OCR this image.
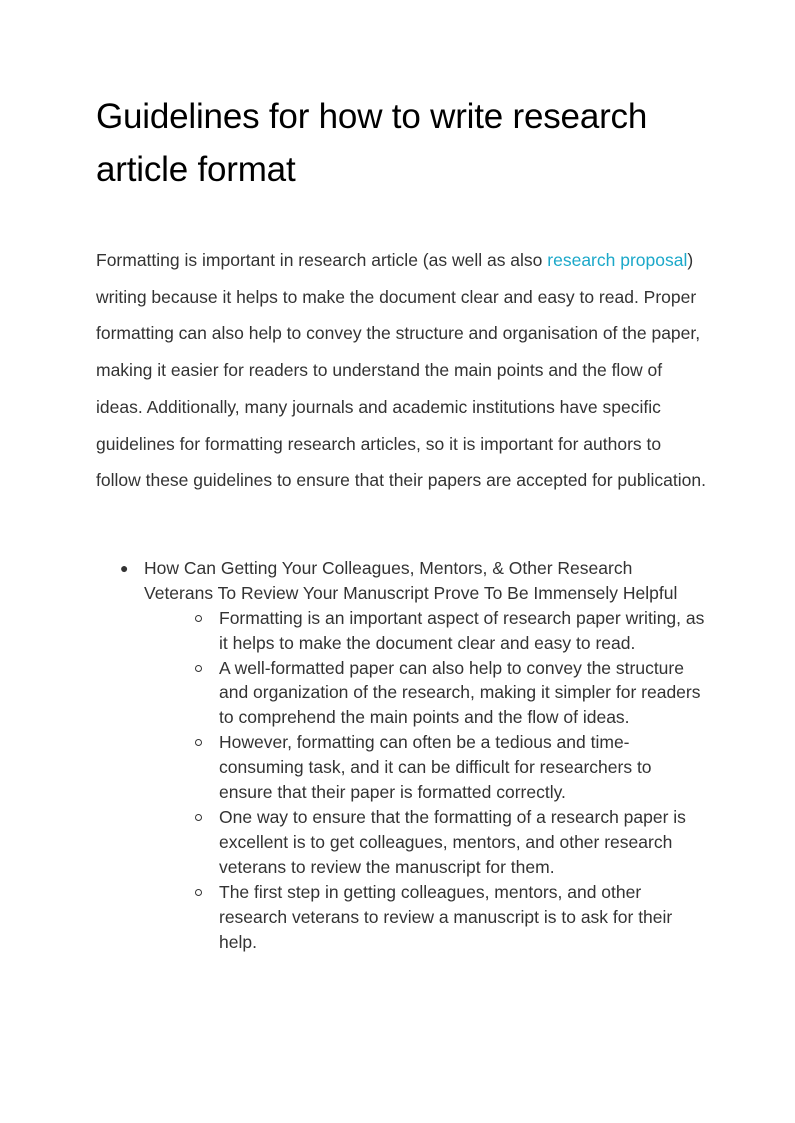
Guidelines for how to write research article format

Formatting is important in research article (as well as also research proposal) writing because it helps to make the document clear and easy to read. Proper formatting can also help to convey the structure and organisation of the paper, making it easier for readers to understand the main points and the flow of ideas. Additionally, many journals and academic institutions have specific guidelines for formatting research articles, so it is important for authors to follow these guidelines to ensure that their papers are accepted for publication.

● How Can Getting Your Colleagues, Mentors, & Other Research Veterans To Review Your Manuscript Prove To Be Immensely Helpful
Formatting is an important aspect of research paper writing, as it helps to make the document clear and easy to read.
A well-formatted paper can also help to convey the structure and organization of the research, making it simpler for readers to comprehend the main points and the flow of ideas.
However, formatting can often be a tedious and time-consuming task, and it can be difficult for researchers to ensure that their paper is formatted correctly.
One way to ensure that the formatting of a research paper is excellent is to get colleagues, mentors, and other research veterans to review the manuscript for them.
The first step in getting colleagues, mentors, and other research veterans to review a manuscript is to ask for their help.
